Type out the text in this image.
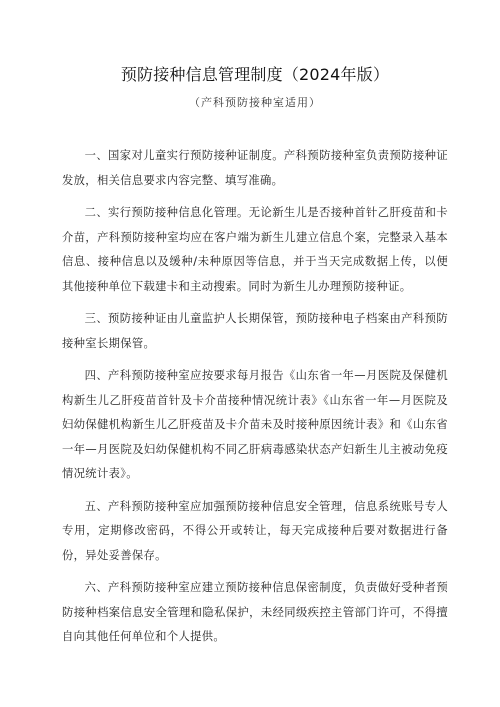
预防接种信息管理制度（2024年版）
（产科预防接种室适用）

一、国家对儿童实行预防接种证制度。产科预防接种室负责预防接种证发放，相关信息要求内容完整、填写准确。

二、实行预防接种信息化管理。无论新生儿是否接种首针乙肝疫苗和卡介苗，产科预防接种室均应在客户端为新生儿建立信息个案，完整录入基本信息、接种信息以及缓种/未种原因等信息，并于当天完成数据上传，以便其他接种单位下载建卡和主动搜索。同时为新生儿办理预防接种证。

三、预防接种证由儿童监护人长期保管，预防接种电子档案由产科预防接种室长期保管。

四、产科预防接种室应按要求每月报告《山东省一年—月医院及保健机构新生儿乙肝疫苗首针及卡介苗接种情况统计表》《山东省一年—月医院及妇幼保健机构新生儿乙肝疫苗及卡介苗未及时接种原因统计表》和《山东省一年—月医院及妇幼保健机构不同乙肝病毒感染状态产妇新生儿主被动免疫情况统计表》。

五、产科预防接种室应加强预防接种信息安全管理，信息系统账号专人专用，定期修改密码，不得公开或转让，每天完成接种后要对数据进行备份，异处妥善保存。

六、产科预防接种室应建立预防接种信息保密制度，负责做好受种者预防接种档案信息安全管理和隐私保护，未经同级疾控主管部门许可，不得擅自向其他任何单位和个人提供。
